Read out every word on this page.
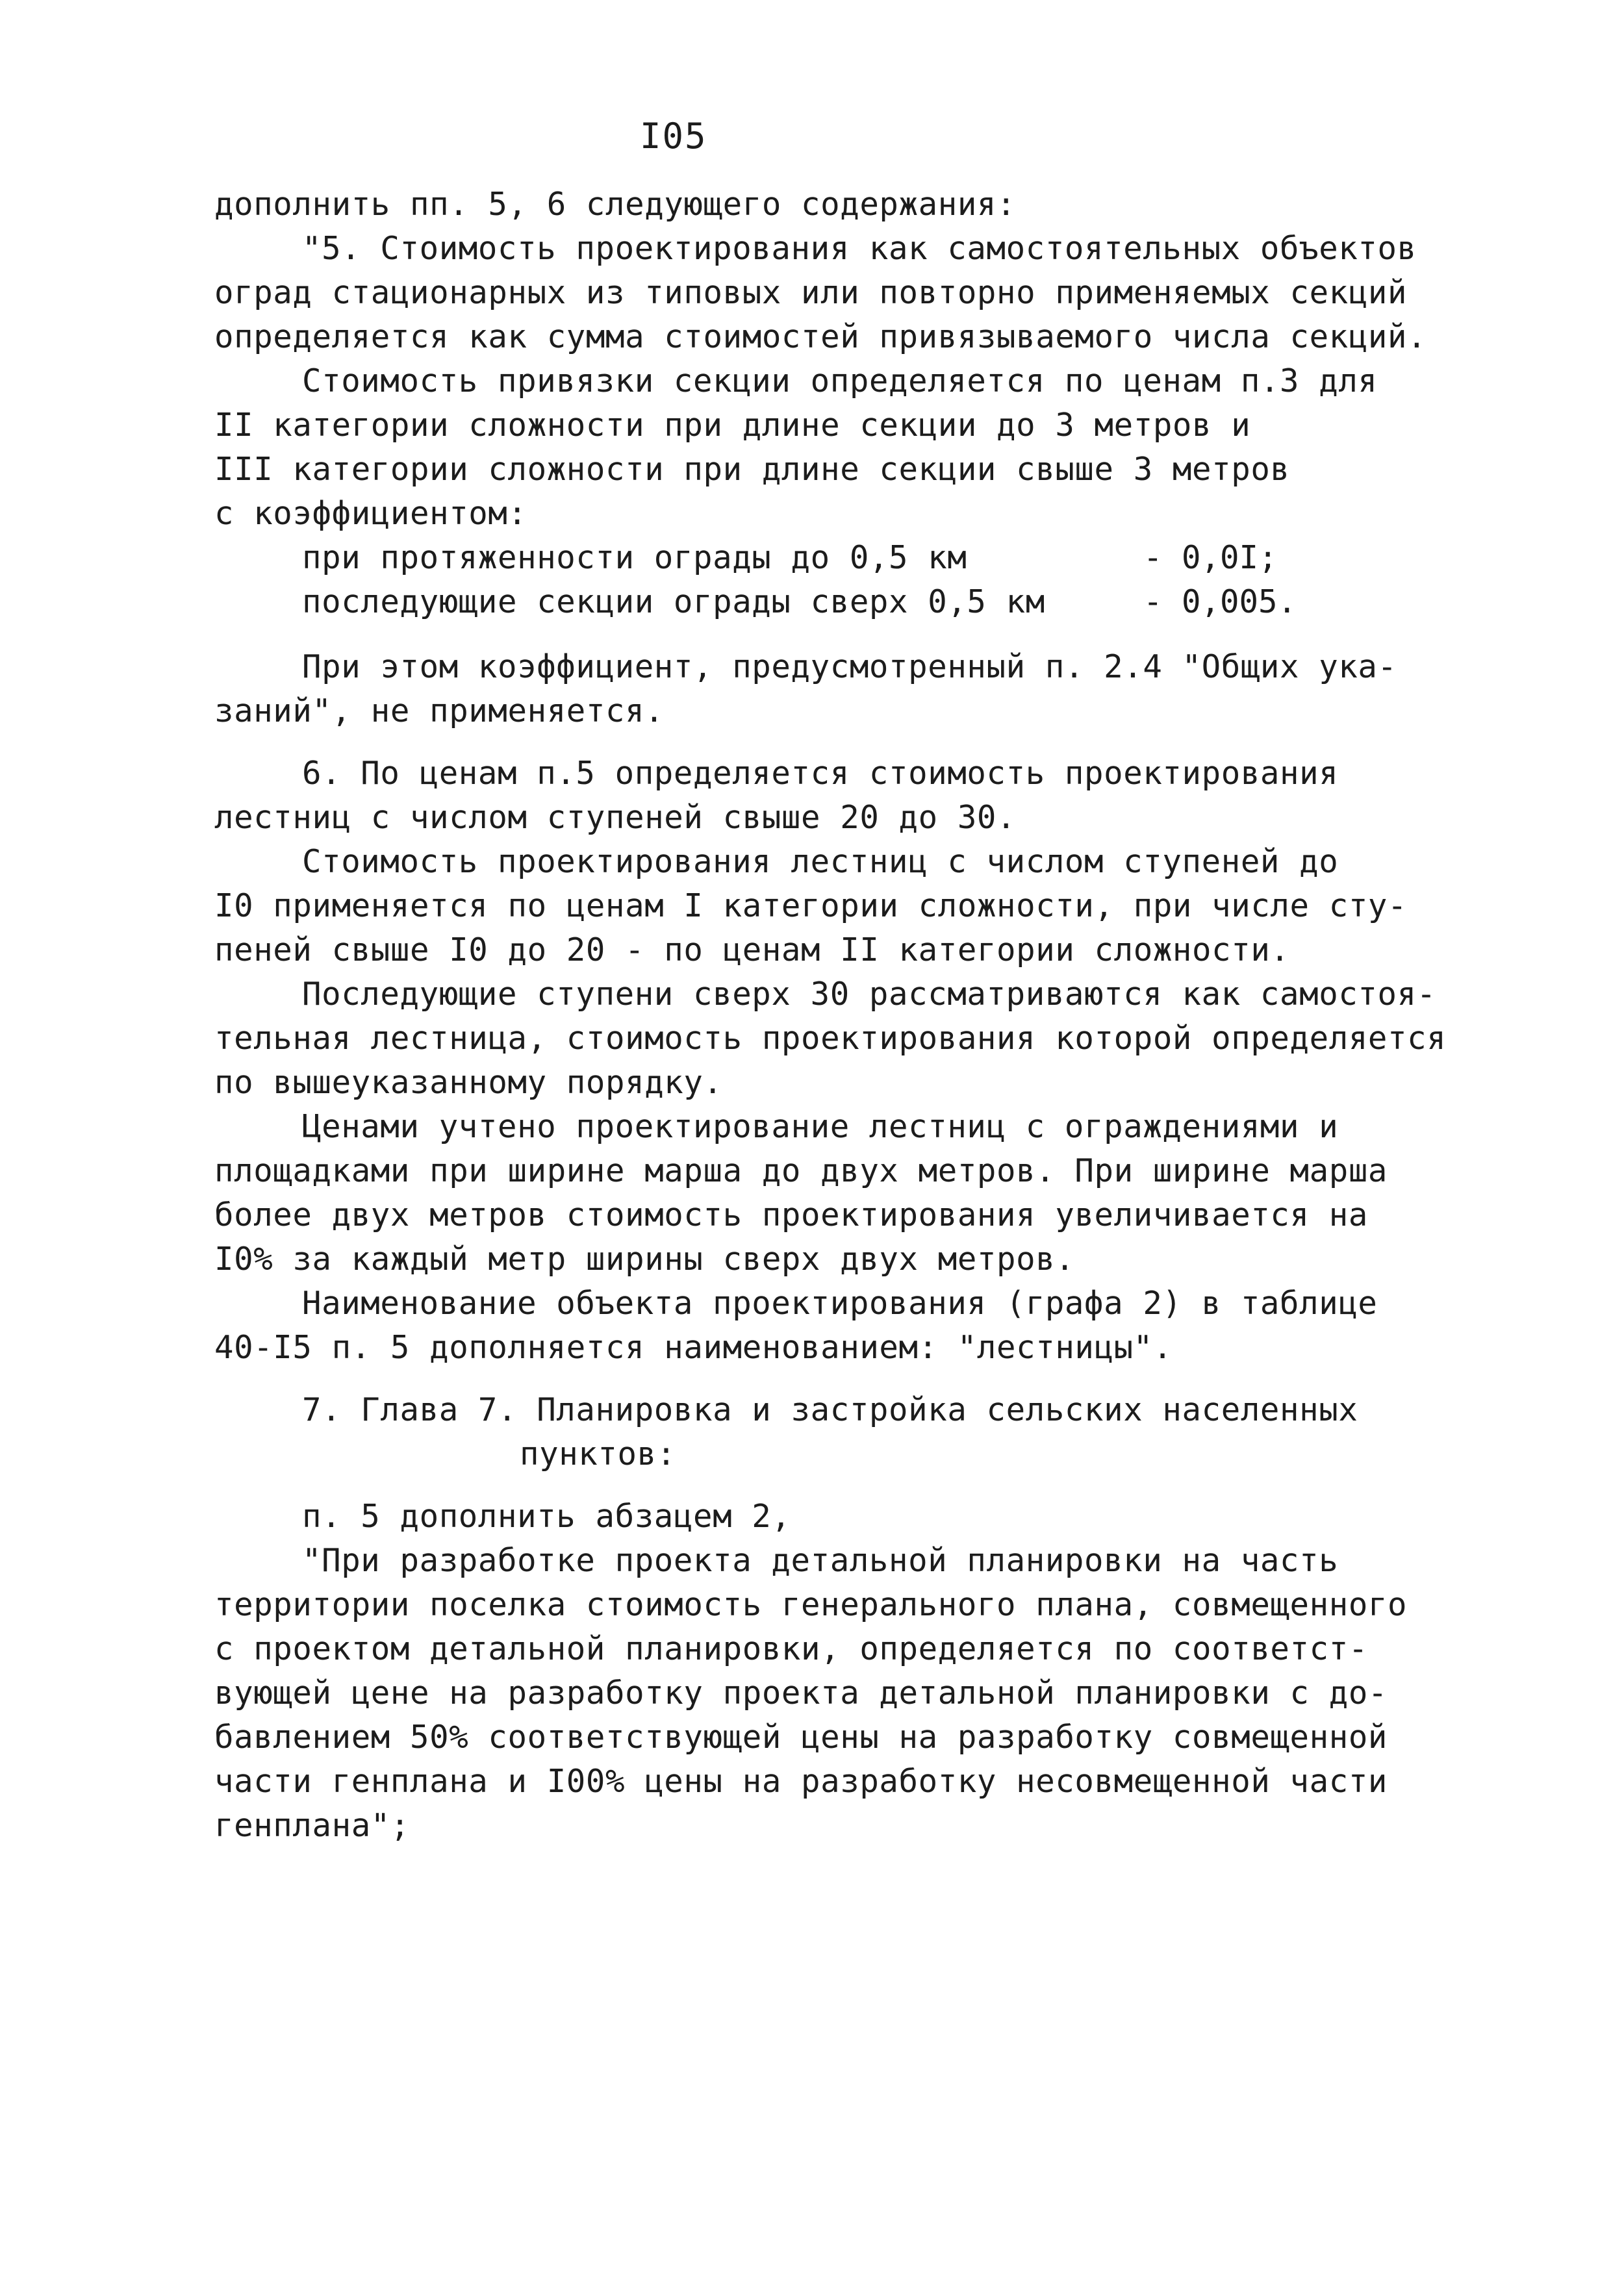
I05
дополнить пп. 5, 6 следующего содержания:
"5. Стоимость проектирования как самостоятельных объектов
оград стационарных из типовых или повторно применяемых секций
определяется как сумма стоимостей привязываемого числа секций.
Стоимость привязки секции определяется по ценам п.3 для
II категории сложности при длине секции до 3 метров и
III категории сложности при длине секции свыше 3 метров
с коэффициентом:
при протяженности ограды до 0,5 км	- 0,0I;
последующие секции ограды сверх 0,5 км	- 0,005.
При этом коэффициент, предусмотренный п. 2.4 "Общих ука-
заний", не применяется.
6. По ценам п.5 определяется стоимость проектирования
лестниц с числом ступеней свыше 20 до 30.
Стоимость проектирования лестниц с числом ступеней до
I0 применяется по ценам I категории сложности, при числе сту-
пеней свыше I0 до 20 - по ценам II категории сложности.
Последующие ступени сверх 30 рассматриваются как самостоя-
тельная лестница, стоимость проектирования которой определяется
по вышеуказанному порядку.
Ценами учтено проектирование лестниц с ограждениями и
площадками при ширине марша до двух метров. При ширине марша
более двух метров стоимость проектирования увеличивается на
I0% за каждый метр ширины сверх двух метров.
Наименование объекта проектирования (графа 2) в таблице
40-I5 п. 5 дополняется наименованием: "лестницы".
7. Глава 7. Планировка и застройка сельских населенных
пунктов:
п. 5 дополнить абзацем 2,
"При разработке проекта детальной планировки на часть
территории поселка стоимость генерального плана, совмещенного
с проектом детальной планировки, определяется по соответст-
вующей цене на разработку проекта детальной планировки с до-
бавлением 50% соответствующей цены на разработку совмещенной
части генплана и I00% цены на разработку несовмещенной части
генплана";
